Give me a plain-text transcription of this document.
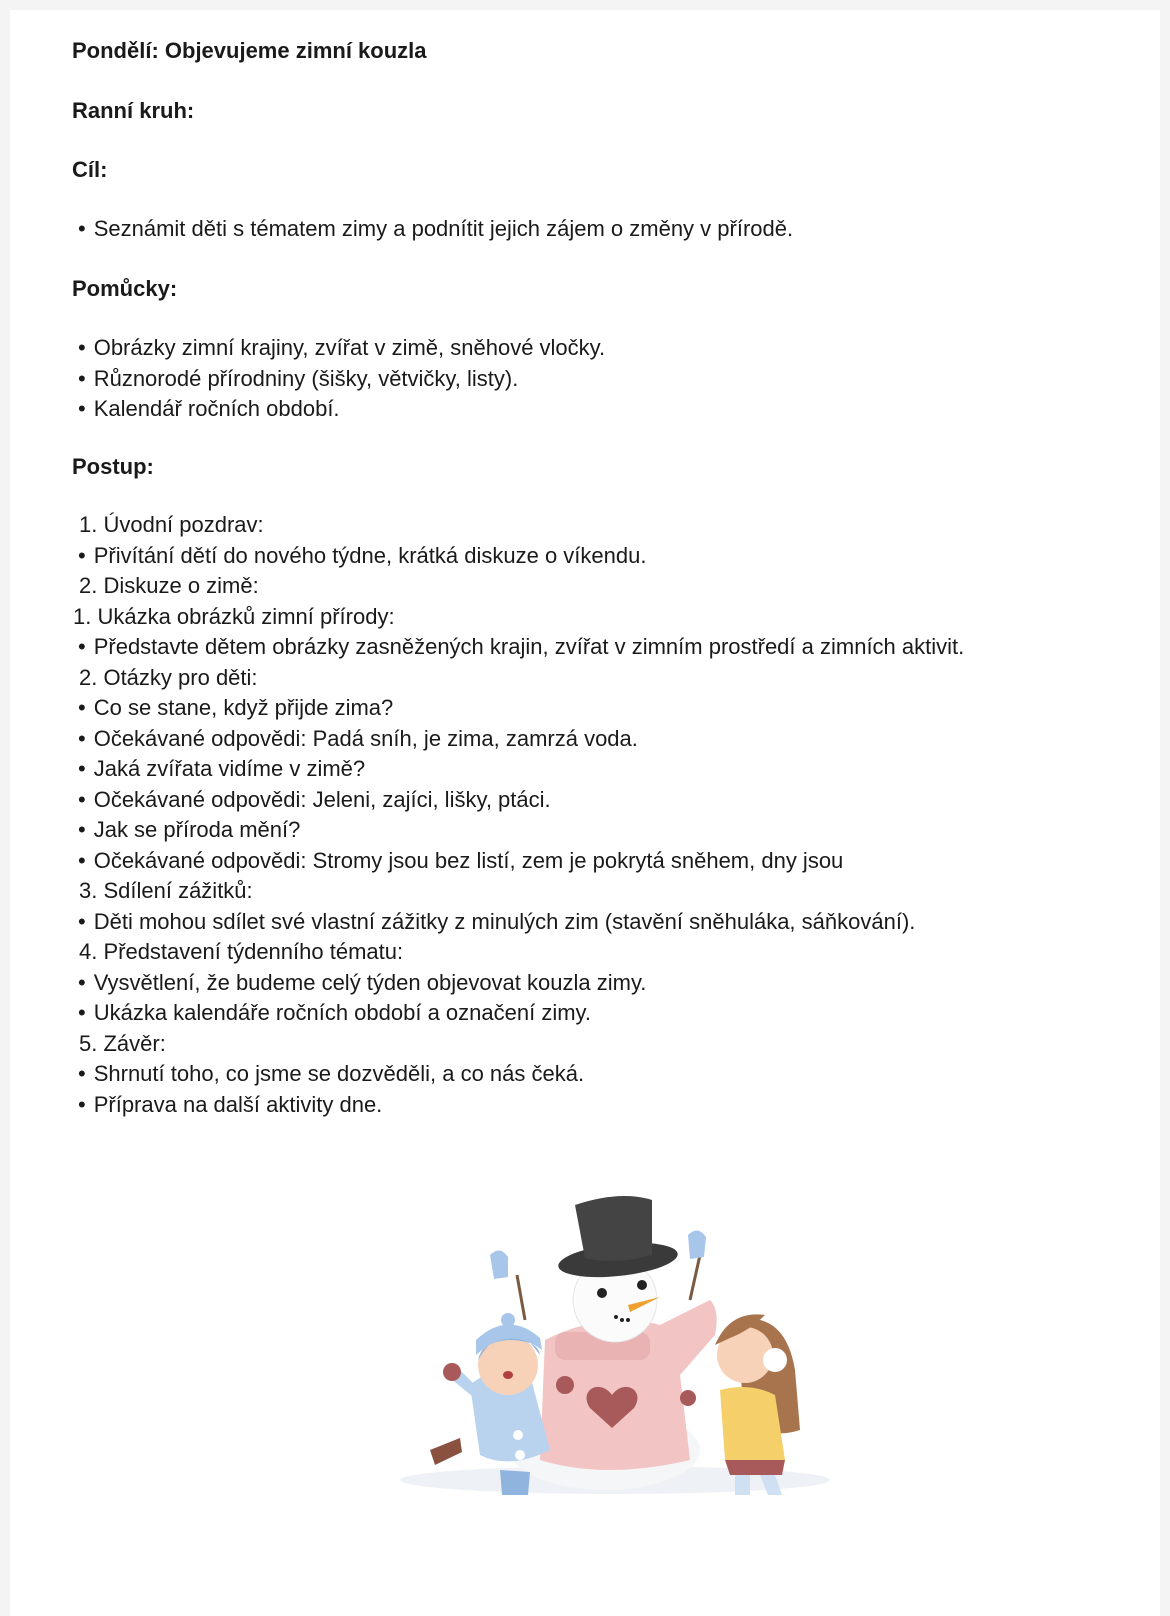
Pondělí: Objevujeme zimní kouzla
Ranní kruh:
Cíl:
• Seznámit děti s tématem zimy a podnítit jejich zájem o změny v přírodě.
Pomůcky:
• Obrázky zimní krajiny, zvířat v zimě, sněhové vločky.
• Různorodé přírodniny (šišky, větvičky, listy).
• Kalendář ročních období.
Postup:
1. Úvodní pozdrav:
• Přivítání dětí do nového týdne, krátká diskuze o víkendu.
2. Diskuze o zimě:
1. Ukázka obrázků zimní přírody:
• Představte dětem obrázky zasněžených krajin, zvířat v zimním prostředí a zimních aktivit.
2. Otázky pro děti:
• Co se stane, když přijde zima?
• Očekávané odpovědi: Padá sníh, je zima, zamrzá voda.
• Jaká zvířata vidíme v zimě?
• Očekávané odpovědi: Jeleni, zajíci, lišky, ptáci.
• Jak se příroda mění?
• Očekávané odpovědi: Stromy jsou bez listí, zem je pokrytá sněhem, dny jsou
3. Sdílení zážitků:
• Děti mohou sdílet své vlastní zážitky z minulých zim (stavění sněhuláka, sáňkování).
4. Představení týdenního tématu:
• Vysvětlení, že budeme celý týden objevovat kouzla zimy.
• Ukázka kalendáře ročních období a označení zimy.
5. Závěr:
• Shrnutí toho, co jsme se dozvěděli, a co nás čeká.
• Příprava na další aktivity dne.
